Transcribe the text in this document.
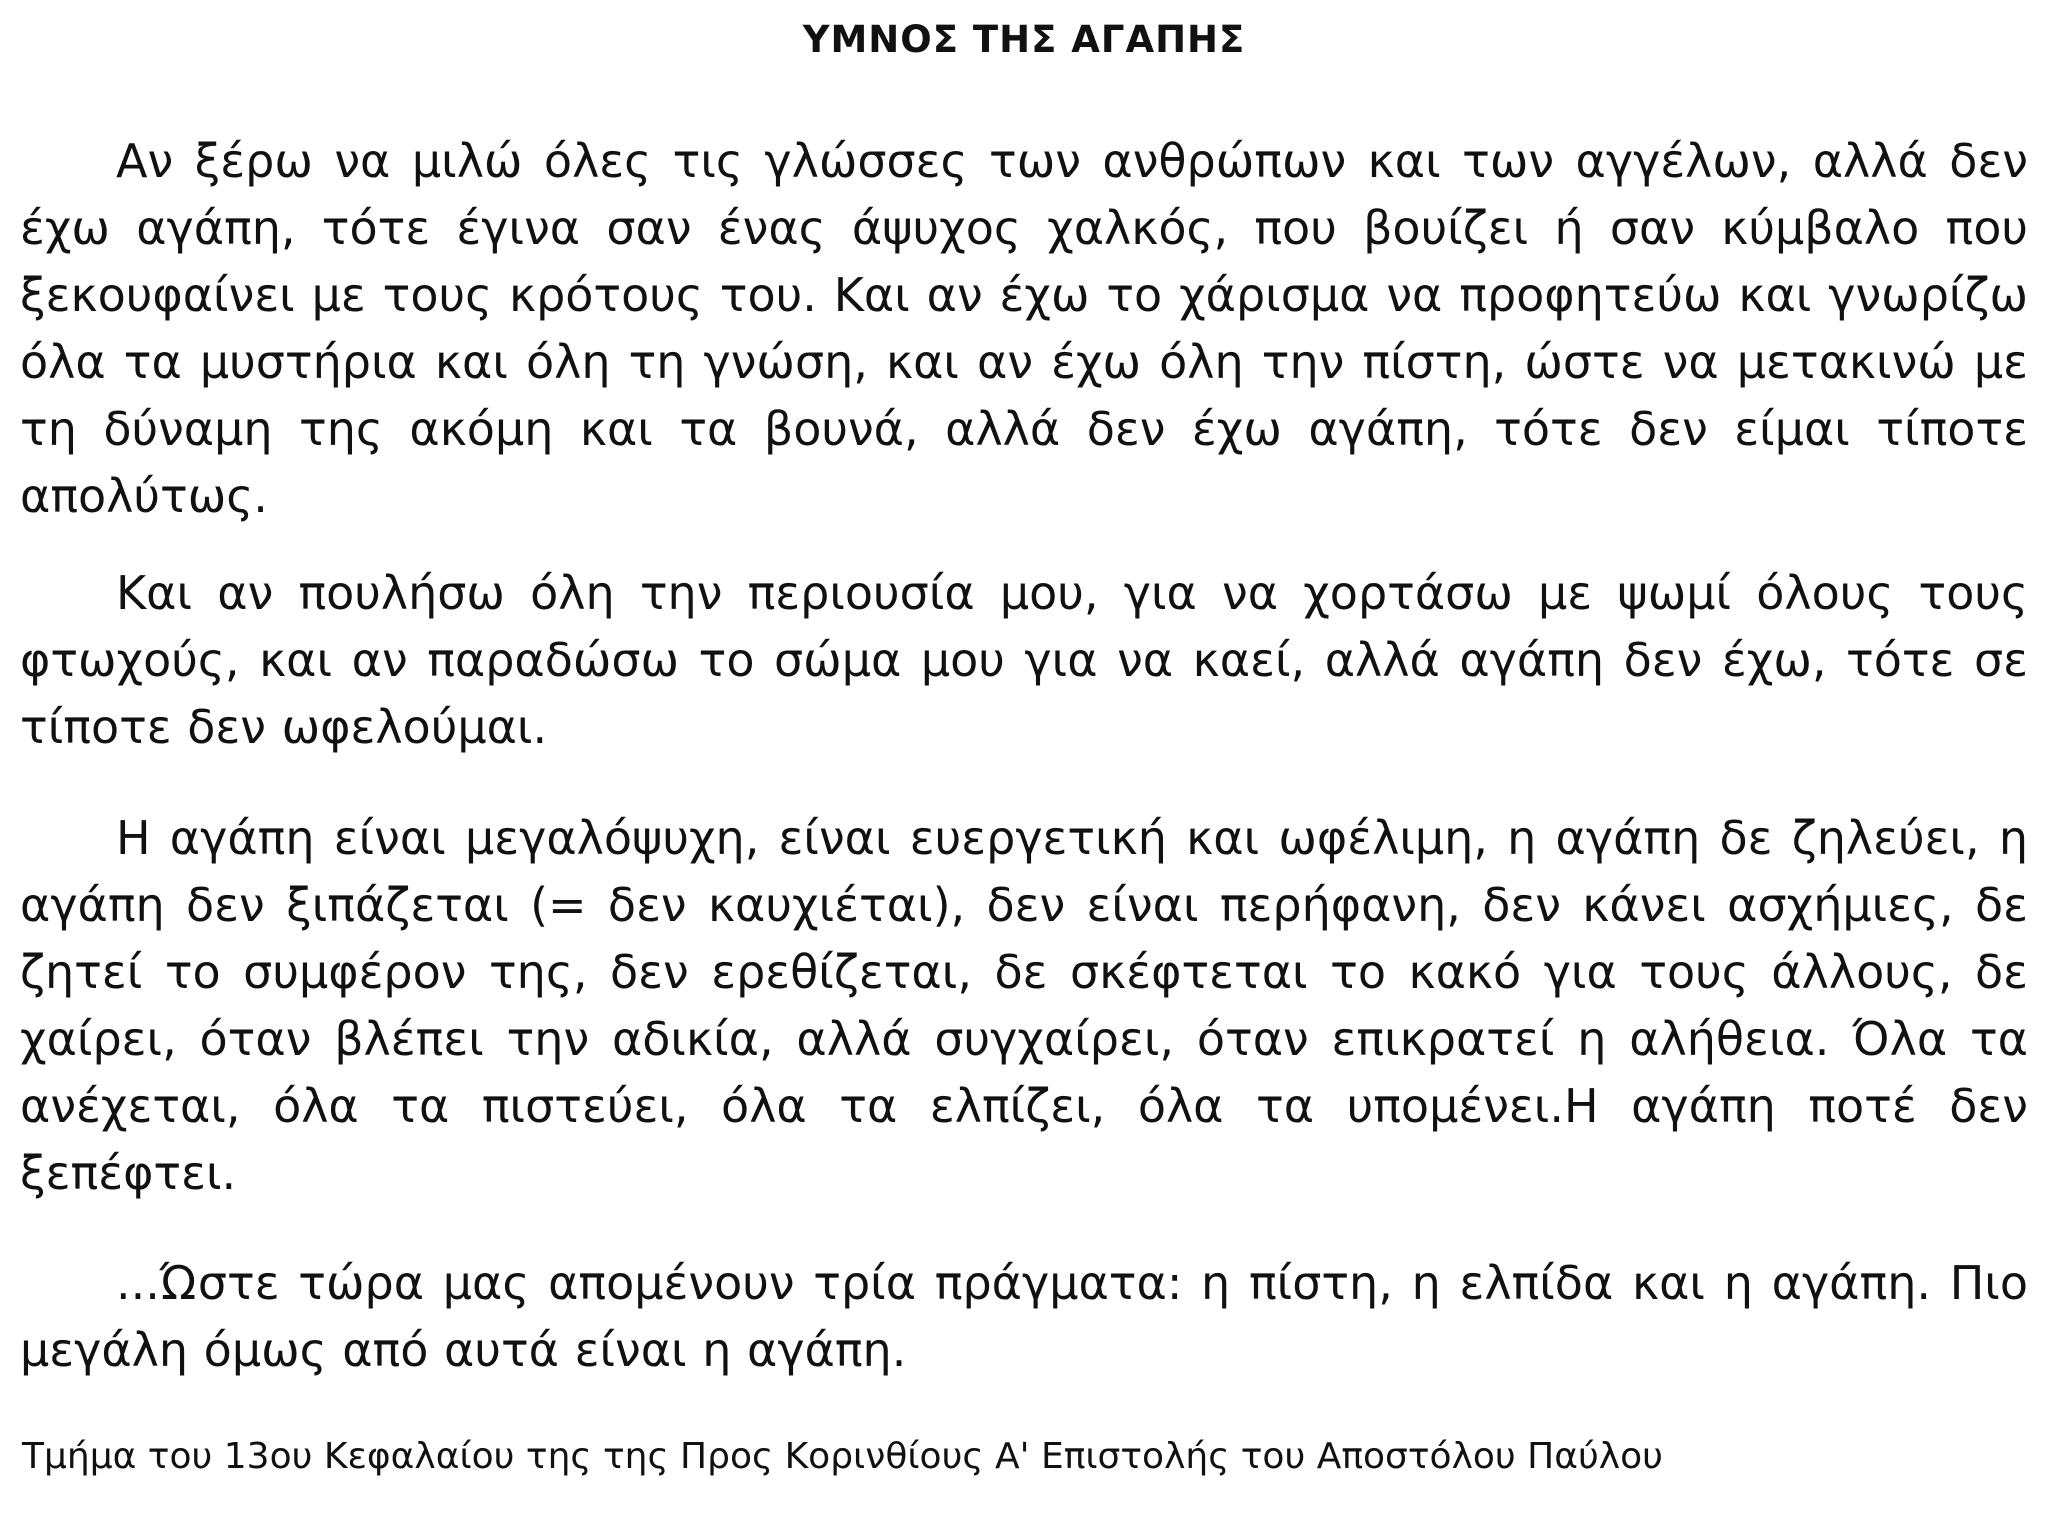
ΥΜΝΟΣ ΤΗΣ ΑΓΑΠΗΣ

Αν ξέρω να μιλώ όλες τις γλώσσες των ανθρώπων και των αγγέλων, αλλά δεν έχω αγάπη, τότε έγινα σαν ένας άψυχος χαλκός, που βουίζει ή σαν κύμβαλο που ξεκουφαίνει με τους κρότους του. Και αν έχω το χάρισμα να προφητεύω και γνωρίζω όλα τα μυστήρια και όλη τη γνώση, και αν έχω όλη την πίστη, ώστε να μετακινώ με τη δύναμη της ακόμη και τα βουνά, αλλά δεν έχω αγάπη, τότε δεν είμαι τίποτε απολύτως.

Και αν πουλήσω όλη την περιουσία μου, για να χορτάσω με ψωμί όλους τους φτωχούς, και αν παραδώσω το σώμα μου για να καεί, αλλά αγάπη δεν έχω, τότε σε τίποτε δεν ωφελούμαι.

Η αγάπη είναι μεγαλόψυχη, είναι ευεργετική και ωφέλιμη, η αγάπη δε ζηλεύει, η αγάπη δεν ξιπάζεται (= δεν καυχιέται), δεν είναι περήφανη, δεν κάνει ασχήμιες, δε ζητεί το συμφέρον της, δεν ερεθίζεται, δε σκέφτεται το κακό για τους άλλους, δε χαίρει, όταν βλέπει την αδικία, αλλά συγχαίρει, όταν επικρατεί η αλήθεια. Όλα τα ανέχεται, όλα τα πιστεύει, όλα τα ελπίζει, όλα τα υπομένει.Η αγάπη ποτέ δεν ξεπέφτει.

...Ώστε τώρα μας απομένουν τρία πράγματα: η πίστη, η ελπίδα και η αγάπη. Πιο μεγάλη όμως από αυτά είναι η αγάπη.

Τμήμα του 13ου Κεφαλαίου της της Προς Κορινθίους Α' Επιστολής του Αποστόλου Παύλου
